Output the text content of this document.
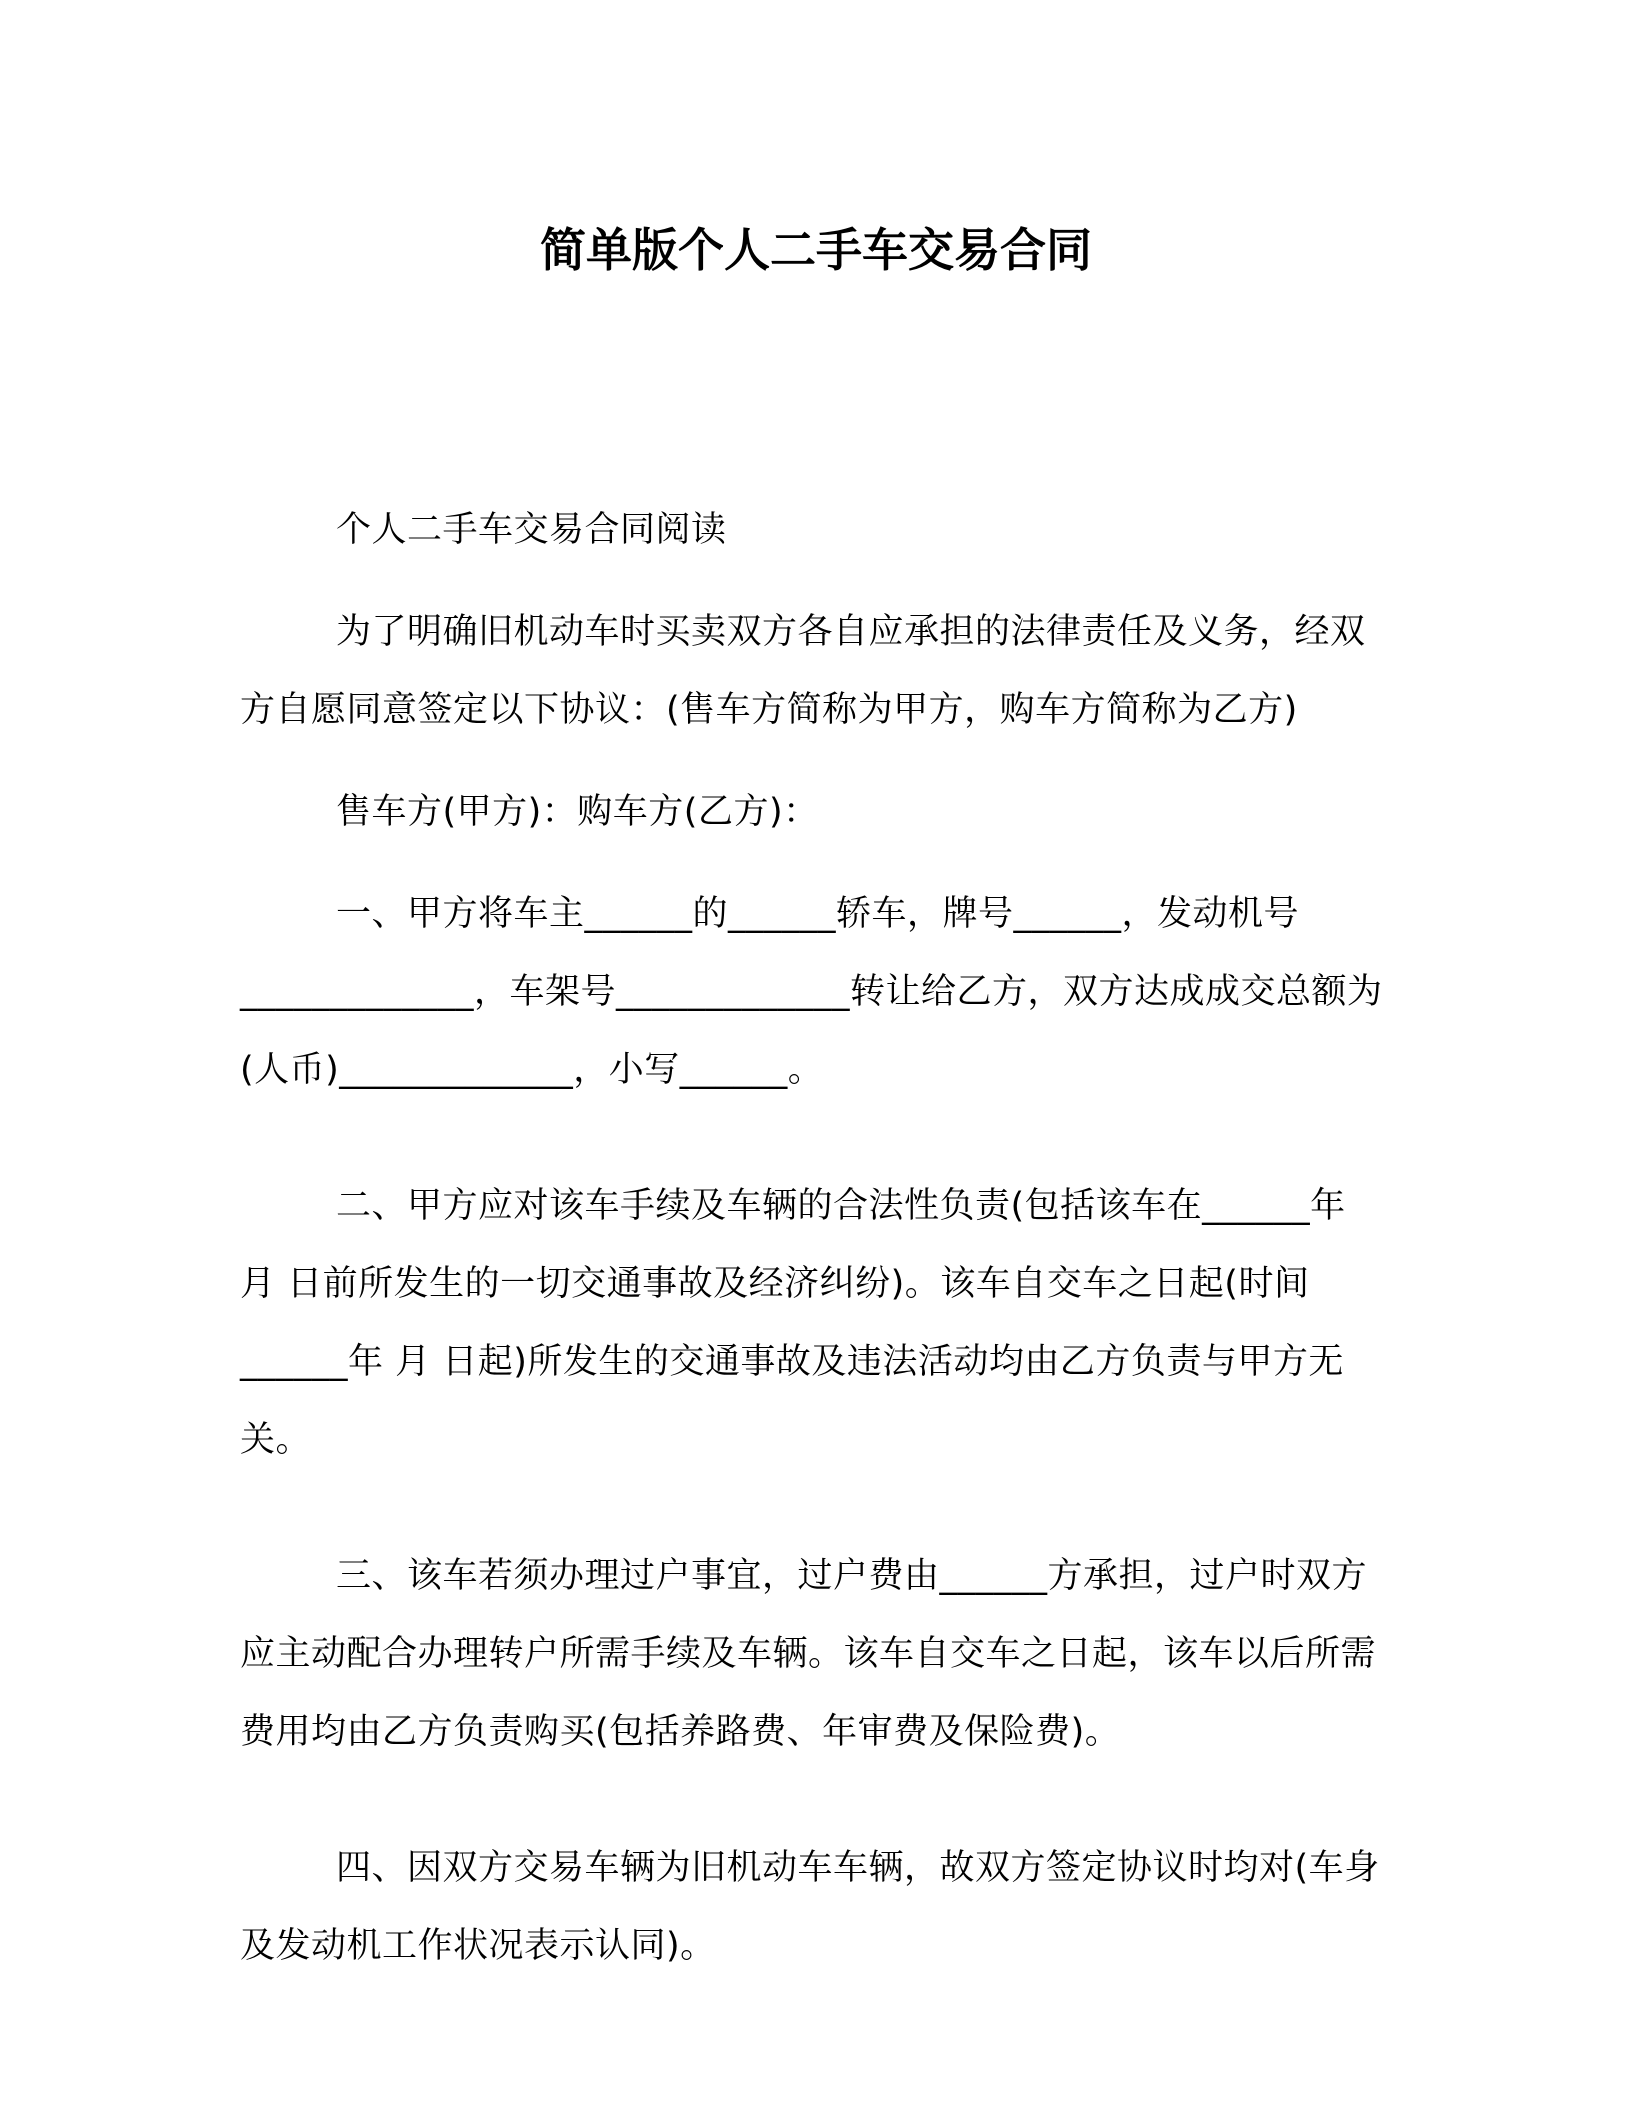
简单版个人二手车交易合同

个人二手车交易合同阅读

为了明确旧机动车时买卖双方各自应承担的法律责任及义务，经双方自愿同意签定以下协议：(售车方简称为甲方，购车方简称为乙方)

售车方(甲方)：购车方(乙方)：

一、甲方将车主______的______轿车，牌号______，发动机号_____________，车架号_____________转让给乙方，双方达成成交总额为(人币)_____________，小写______。

二、甲方应对该车手续及车辆的合法性负责(包括该车在______年 月 日前所发生的一切交通事故及经济纠纷)。该车自交车之日起(时间______年 月 日起)所发生的交通事故及违法活动均由乙方负责与甲方无关。

三、该车若须办理过户事宜，过户费由______方承担，过户时双方应主动配合办理转户所需手续及车辆。该车自交车之日起，该车以后所需费用均由乙方负责购买(包括养路费、年审费及保险费)。

四、因双方交易车辆为旧机动车车辆，故双方签定协议时均对(车身及发动机工作状况表示认同)。
